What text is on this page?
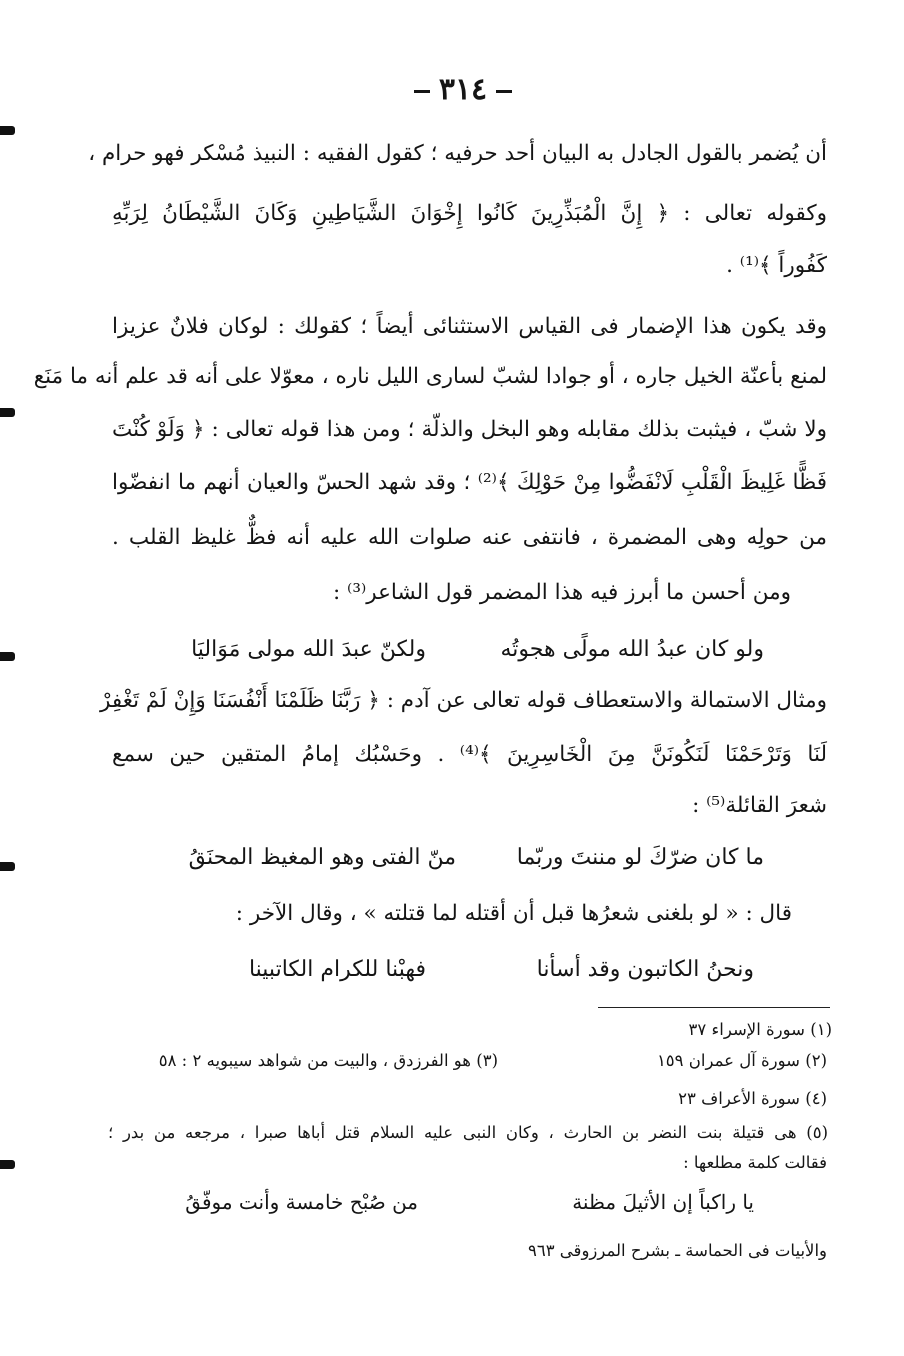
٣١٤
أن يُضمر بالقول الجادل به البيان أحد حرفيه ؛ كقول الفقيه : النبيذ مُسْكر فهو حرام ،
وكقوله تعالى : ﴿ إِنَّ الْمُبَذِّرِينَ كَانُوا إِخْوَانَ الشَّيَاطِينِ وَكَانَ الشَّيْطَانُ لِرَبِّهِ
كَفُوراً ﴾⁽¹⁾ .
وقد يكون هذا الإضمار فى القياس الاستثنائى أيضاً ؛ كقولك : لوكان فلانٌ عزيزا
لمنع بأعنّة الخيل جاره ، أو جوادا لشبّ لسارى الليل ناره ، معوّلا على أنه قد علم أنه ما مَنَع
ولا شبّ ، فيثبت بذلك مقابله وهو البخل والذلّة ؛ ومن هذا قوله تعالى : ﴿ وَلَوْ كُنْتَ
فَظًّا غَلِيظَ الْقَلْبِ لَانْفَضُّوا مِنْ حَوْلِكَ ﴾⁽²⁾ ؛ وقد شهد الحسّ والعيان أنهم ما انفضّوا
من حولِه وهى المضمرة ، فانتفى عنه صلوات الله عليه أنه فظٌّ غليظ القلب .
ومن أحسن ما أبرز فيه هذا المضمر قول الشاعر⁽³⁾ :
ولو كان عبدُ الله مولًى هجوتُه
ولكنّ عبدَ الله مولى مَوَاليَا
ومثال الاستمالة والاستعطاف قوله تعالى عن آدم : ﴿ رَبَّنَا ظَلَمْنَا أَنْفُسَنَا وَإِنْ لَمْ تَغْفِرْ
لَنَا وَتَرْحَمْنَا لَنَكُونَنَّ مِنَ الْخَاسِرِينَ ﴾⁽⁴⁾ . وحَسْبُك إمامُ المتقين حين سمع
شعرَ القائلة⁽⁵⁾ :
ما كان ضرّكَ لو مننتَ وربّما
منّ الفتى وهو المغيظ المحنَقُ
قال : « لو بلغنى شعرُها قبل أن أقتله لما قتلته » ، وقال الآخر :
ونحنُ الكاتبون وقد أسأنا
فهبْنا للكرام الكاتبينا
(١) سورة الإسراء ٣٧
(٢) سورة آل عمران ١٥٩
(٣) هو الفرزدق ، والبيت من شواهد سيبويه ٢ : ٥٨
(٤) سورة الأعراف ٢٣
(٥) هى قتيلة بنت النضر بن الحارث ، وكان النبى عليه السلام قتل أباها صبرا ، مرجعه من بدر ؛
فقالت كلمة مطلعها :
يا راكباً إن الأثيلَ مظنة
من صُبْح خامسة وأنت موفّقُ
والأبيات فى الحماسة ـ بشرح المرزوقى ٩٦٣
